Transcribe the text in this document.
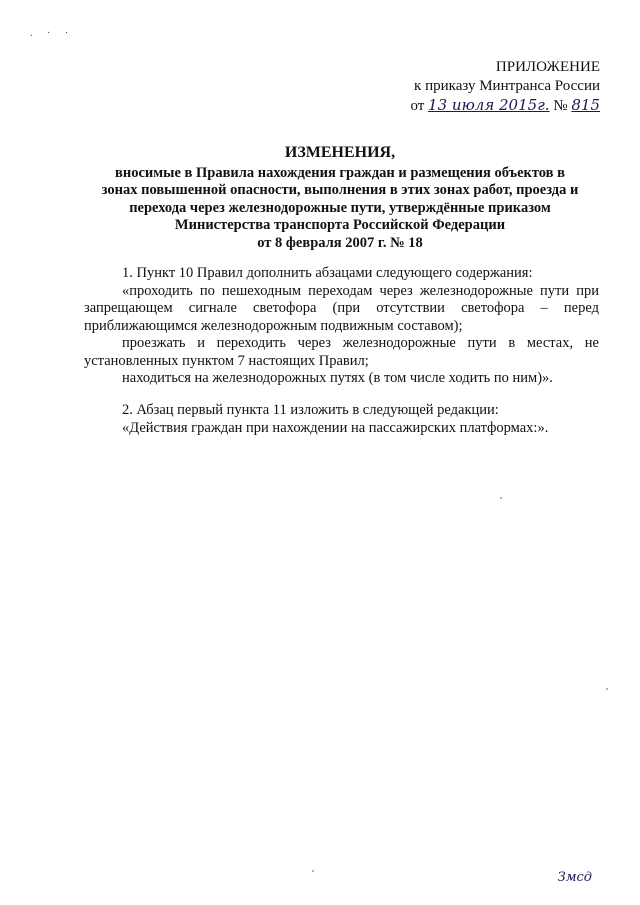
. · ·
ПРИЛОЖЕНИЕ
к приказу Минтранса России
от 13 июля 2015г. № 815
ИЗМЕНЕНИЯ,
вносимые в Правила нахождения граждан и размещения объектов в
зонах повышенной опасности, выполнения в этих зонах работ, проезда и
перехода через железнодорожные пути, утверждённые приказом
Министерства транспорта Российской Федерации
от 8 февраля 2007 г. № 18
1. Пункт 10 Правил дополнить абзацами следующего содержания:
«проходить по пешеходным переходам через железнодорожные пути при запрещающем сигнале светофора (при отсутствии светофора – перед приближающимся железнодорожным подвижным составом);
проезжать и переходить через железнодорожные пути в местах, не установленных пунктом 7 настоящих Правил;
находиться на железнодорожных путях (в том числе ходить по ним)».
2. Абзац первый пункта 11 изложить в следующей редакции:
«Действия граждан при нахождении на пассажирских платформах:».
Змсд
